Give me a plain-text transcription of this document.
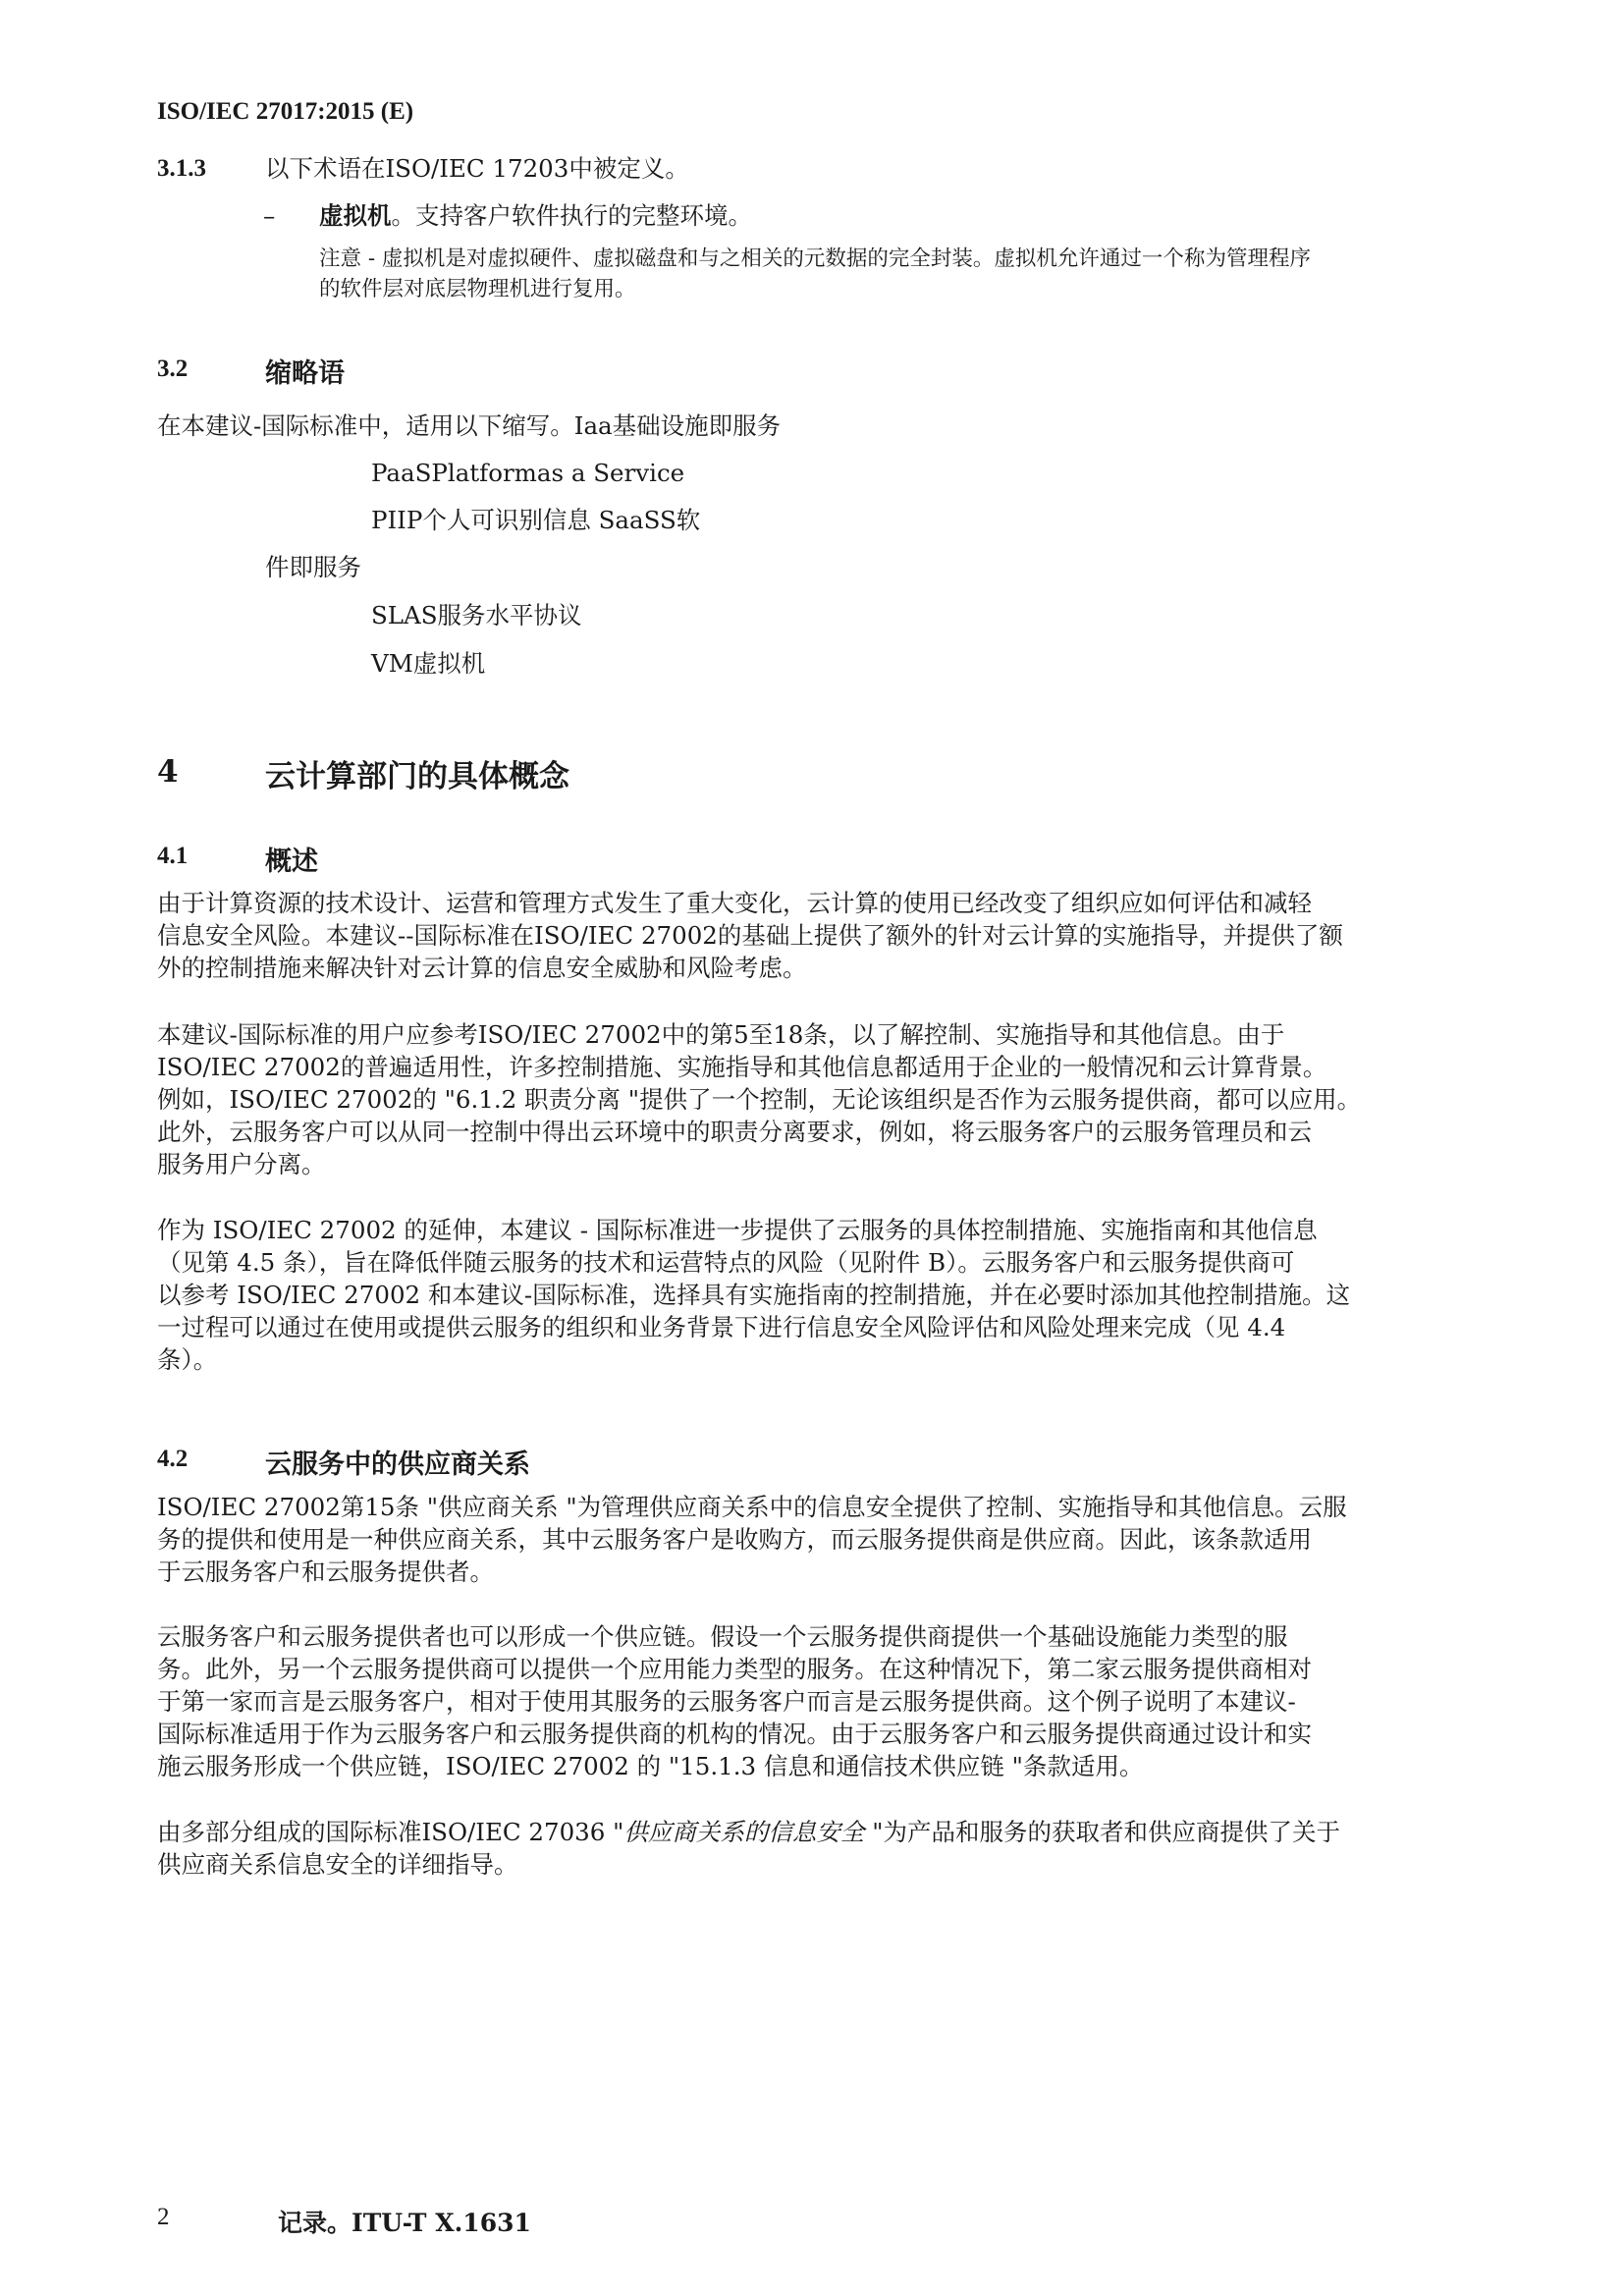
ISO/IEC 27017:2015 (E)
3.1.3 以下术语在ISO/IEC 17203中被定义。
– 虚拟机。支持客户软件执行的完整环境。
注意 - 虚拟机是对虚拟硬件、虚拟磁盘和与之相关的元数据的完全封装。虚拟机允许通过一个称为管理程序
的软件层对底层物理机进行复用。
3.2	缩略语
在本建议-国际标准中，适用以下缩写。Iaa基础设施即服务
PaaSPlatformas a Service
PIIP个人可识别信息 SaaSS软
件即服务
SLAS服务水平协议
VM虚拟机
4	云计算部门的具体概念
4.1	概述
由于计算资源的技术设计、运营和管理方式发生了重大变化，云计算的使用已经改变了组织应如何评估和减轻
信息安全风险。本建议--国际标准在ISO/IEC 27002的基础上提供了额外的针对云计算的实施指导，并提供了额
外的控制措施来解决针对云计算的信息安全威胁和风险考虑。
本建议-国际标准的用户应参考ISO/IEC 27002中的第5至18条，以了解控制、实施指导和其他信息。由于
ISO/IEC 27002的普遍适用性，许多控制措施、实施指导和其他信息都适用于企业的一般情况和云计算背景。
例如，ISO/IEC 27002的 "6.1.2 职责分离 "提供了一个控制，无论该组织是否作为云服务提供商，都可以应用。
此外，云服务客户可以从同一控制中得出云环境中的职责分离要求，例如，将云服务客户的云服务管理员和云
服务用户分离。
作为 ISO/IEC 27002 的延伸，本建议 - 国际标准进一步提供了云服务的具体控制措施、实施指南和其他信息
（见第 4.5 条），旨在降低伴随云服务的技术和运营特点的风险（见附件 B）。云服务客户和云服务提供商可
以参考 ISO/IEC 27002 和本建议-国际标准，选择具有实施指南的控制措施，并在必要时添加其他控制措施。这
一过程可以通过在使用或提供云服务的组织和业务背景下进行信息安全风险评估和风险处理来完成（见 4.4
条）。
4.2	云服务中的供应商关系
ISO/IEC 27002第15条 "供应商关系 "为管理供应商关系中的信息安全提供了控制、实施指导和其他信息。云服
务的提供和使用是一种供应商关系，其中云服务客户是收购方，而云服务提供商是供应商。因此，该条款适用
于云服务客户和云服务提供者。
云服务客户和云服务提供者也可以形成一个供应链。假设一个云服务提供商提供一个基础设施能力类型的服
务。此外，另一个云服务提供商可以提供一个应用能力类型的服务。在这种情况下，第二家云服务提供商相对
于第一家而言是云服务客户，相对于使用其服务的云服务客户而言是云服务提供商。这个例子说明了本建议-
国际标准适用于作为云服务客户和云服务提供商的机构的情况。由于云服务客户和云服务提供商通过设计和实
施云服务形成一个供应链，ISO/IEC 27002 的 "15.1.3 信息和通信技术供应链 "条款适用。
由多部分组成的国际标准ISO/IEC 27036 "供应商关系的信息安全 "为产品和服务的获取者和供应商提供了关于
供应商关系信息安全的详细指导。
2	记录。ITU-T X.1631
